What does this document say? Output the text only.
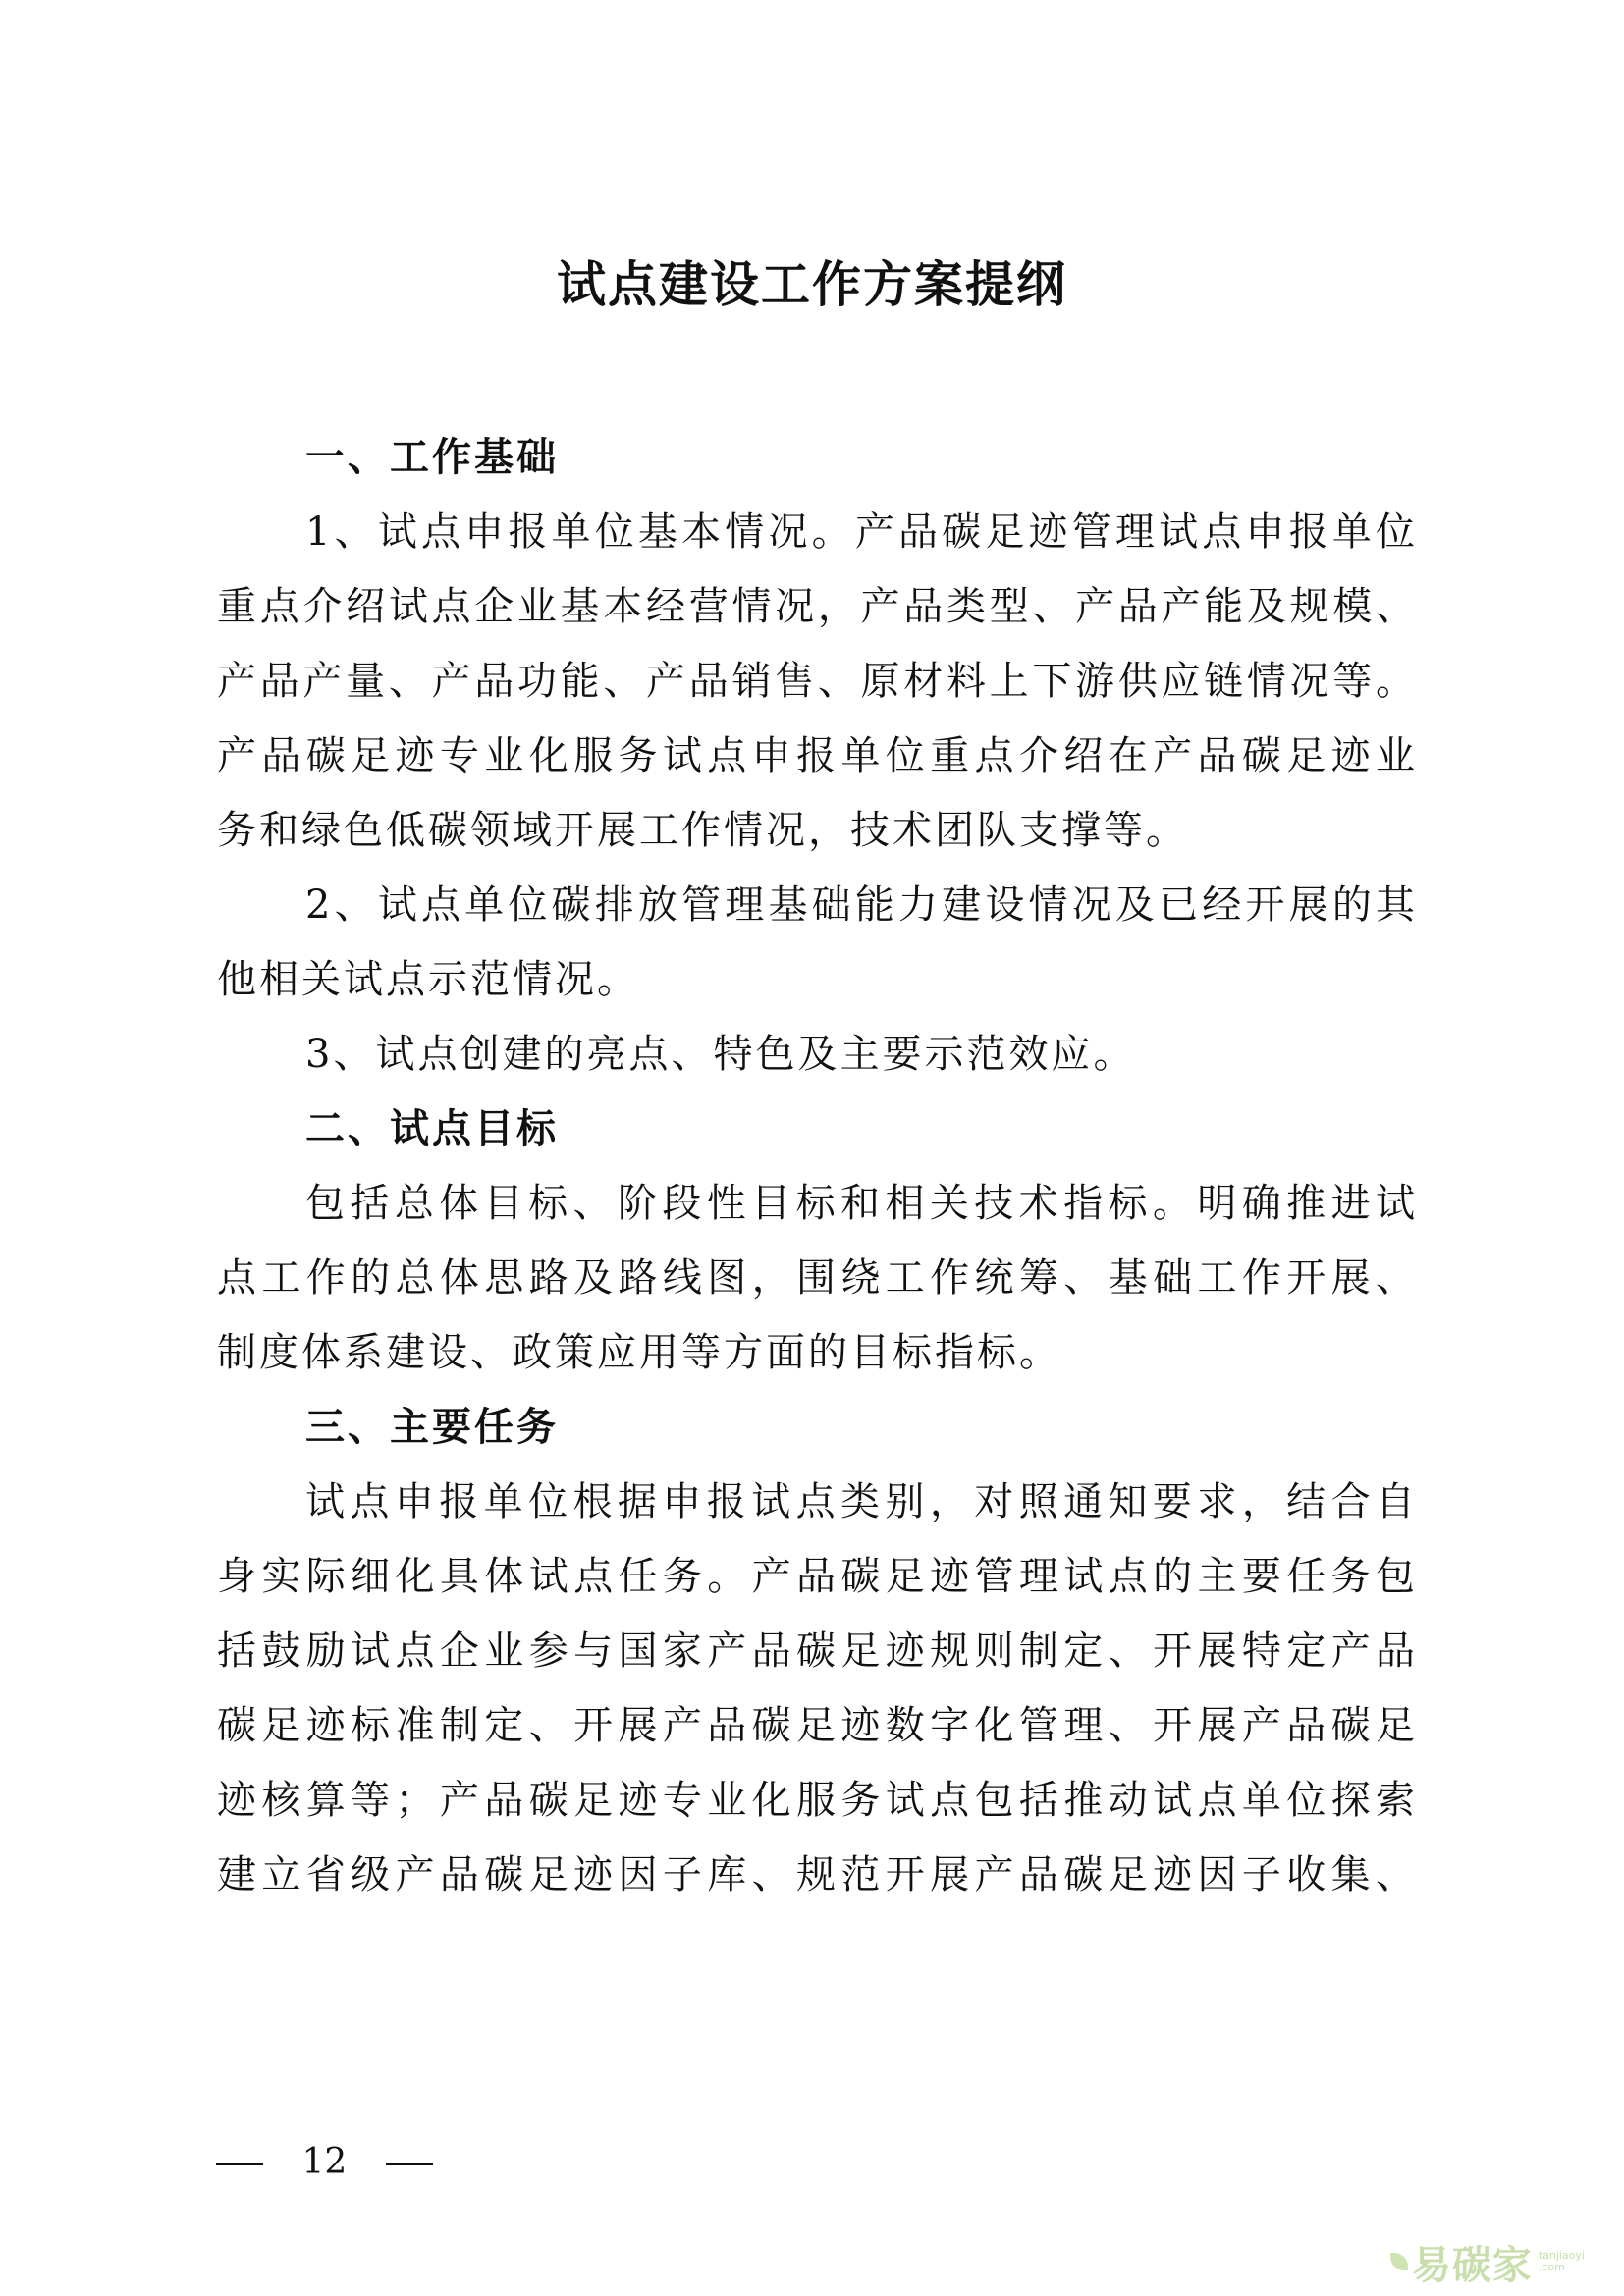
试点建设工作方案提纲
一、工作基础
1、试点申报单位基本情况。产品碳足迹管理试点申报单位
重点介绍试点企业基本经营情况，产品类型、产品产能及规模、
产品产量、产品功能、产品销售、原材料上下游供应链情况等。
产品碳足迹专业化服务试点申报单位重点介绍在产品碳足迹业
务和绿色低碳领域开展工作情况，技术团队支撑等。
2、试点单位碳排放管理基础能力建设情况及已经开展的其
他相关试点示范情况。
3、试点创建的亮点、特色及主要示范效应。
二、试点目标
包括总体目标、阶段性目标和相关技术指标。明确推进试
点工作的总体思路及路线图，围绕工作统筹、基础工作开展、
制度体系建设、政策应用等方面的目标指标。
三、主要任务
试点申报单位根据申报试点类别，对照通知要求，结合自
身实际细化具体试点任务。产品碳足迹管理试点的主要任务包
括鼓励试点企业参与国家产品碳足迹规则制定、开展特定产品
碳足迹标准制定、开展产品碳足迹数字化管理、开展产品碳足
迹核算等；产品碳足迹专业化服务试点包括推动试点单位探索
建立省级产品碳足迹因子库、规范开展产品碳足迹因子收集、
12
易碳家 tanjiaoyi
.com
